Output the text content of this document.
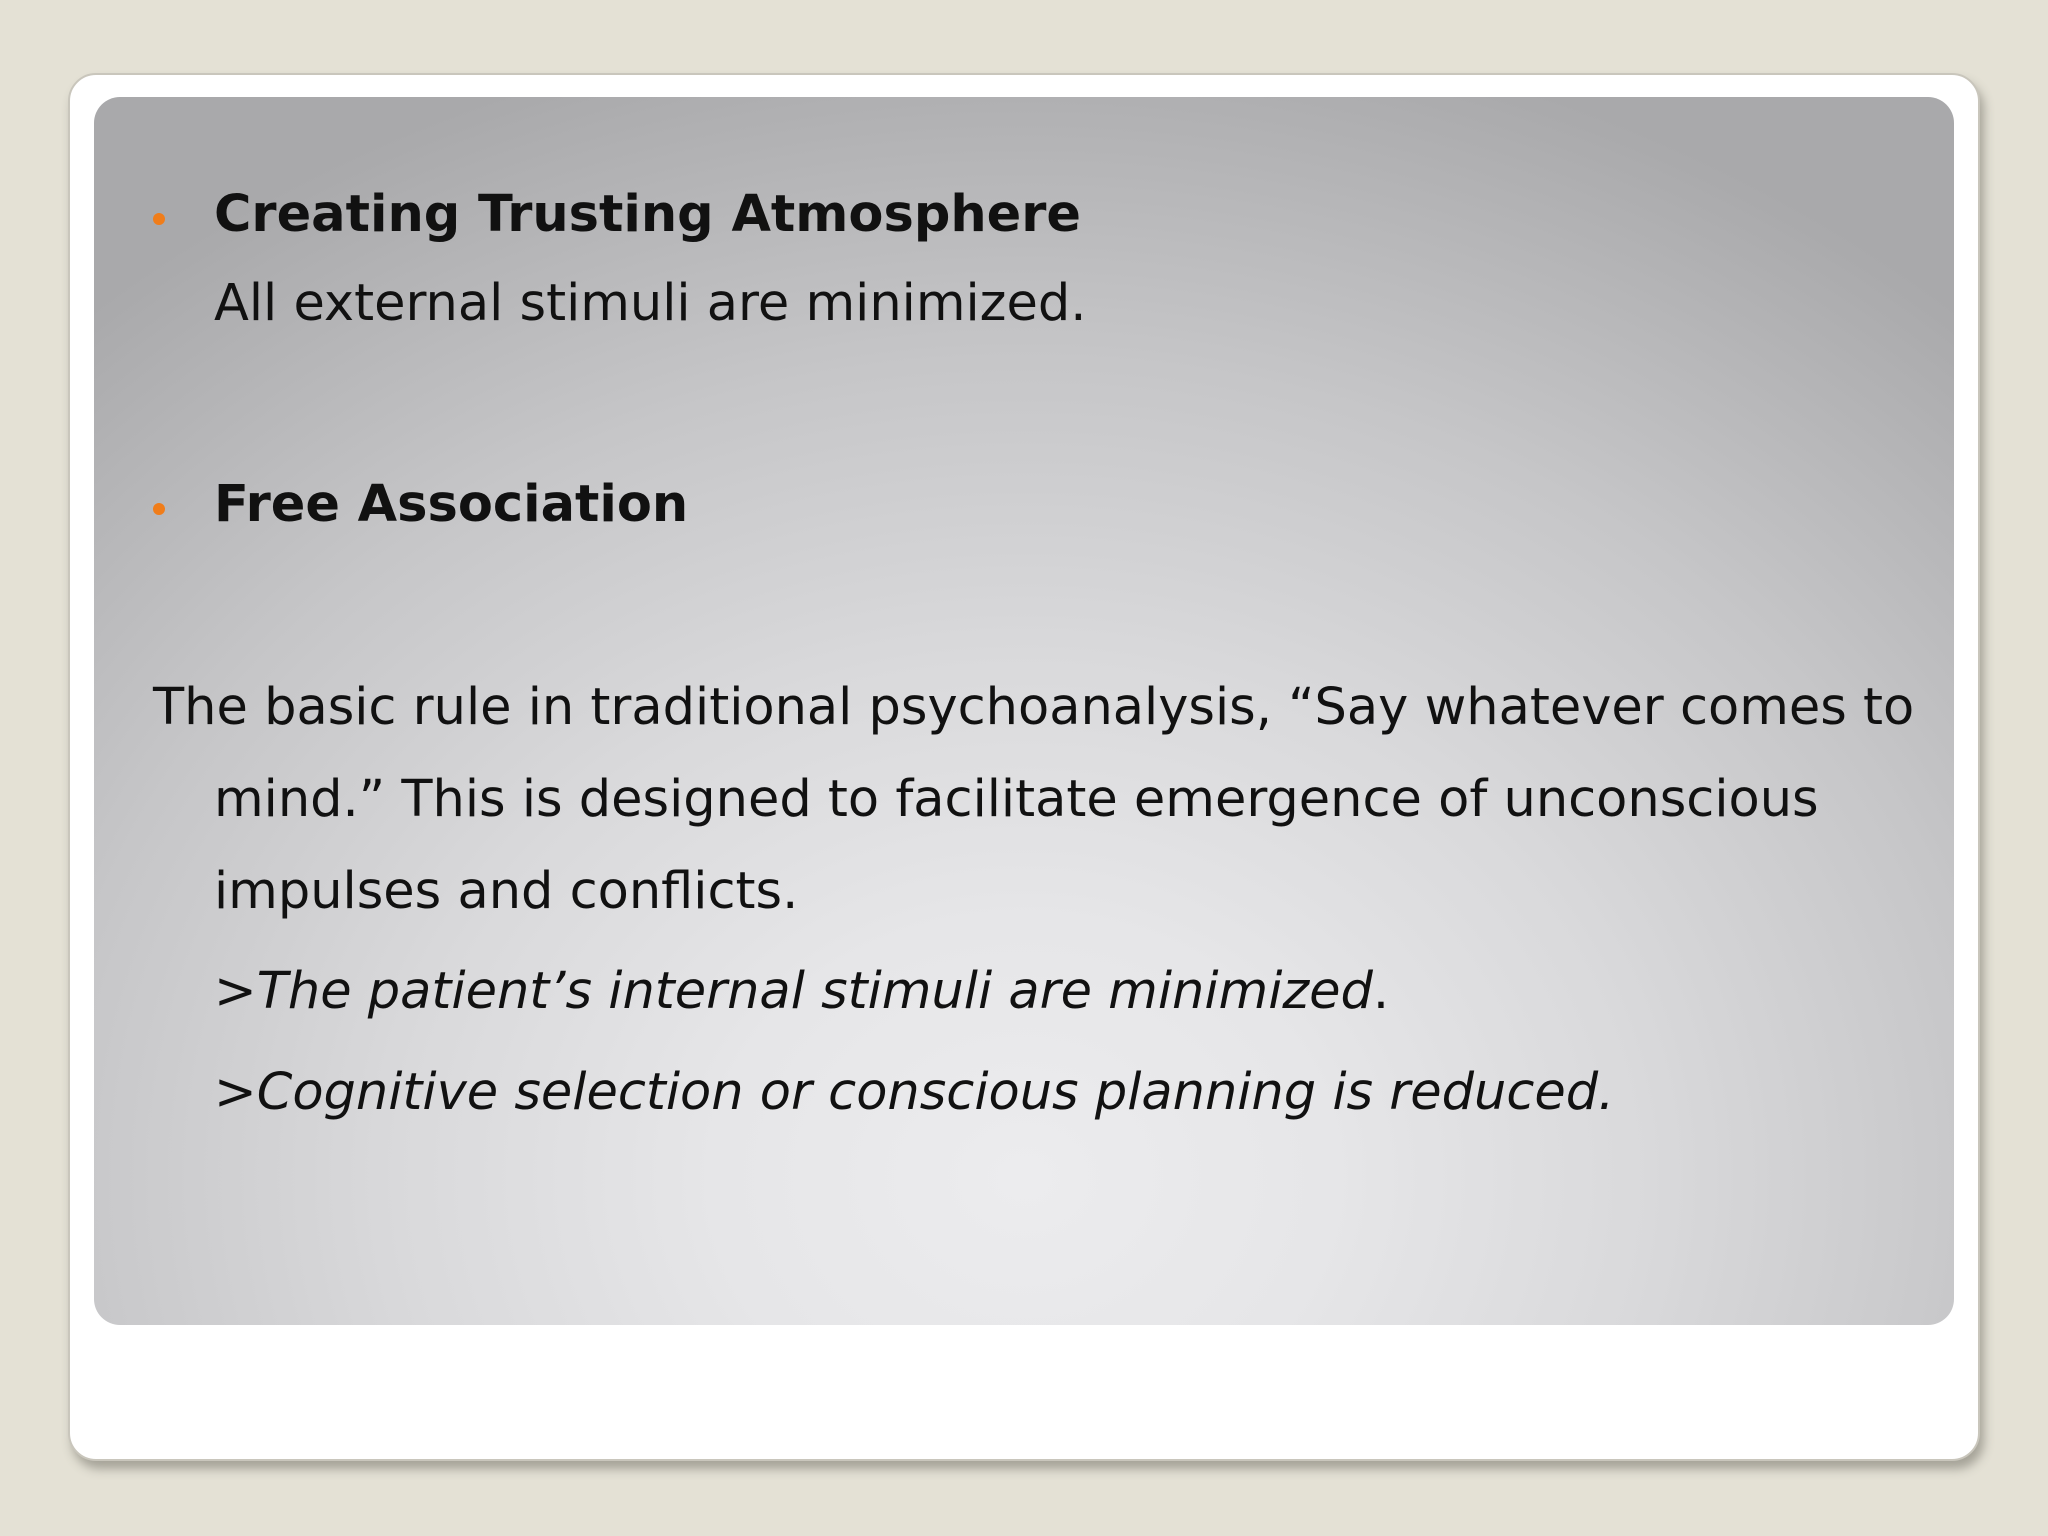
Creating Trusting Atmosphere
All external stimuli are minimized.
Free Association
The basic rule in traditional psychoanalysis, “Say whatever comes to
mind.” This is designed to facilitate emergence of unconscious
impulses and conflicts.
>The patient’s internal stimuli are minimized.
>Cognitive selection or conscious planning is reduced.
